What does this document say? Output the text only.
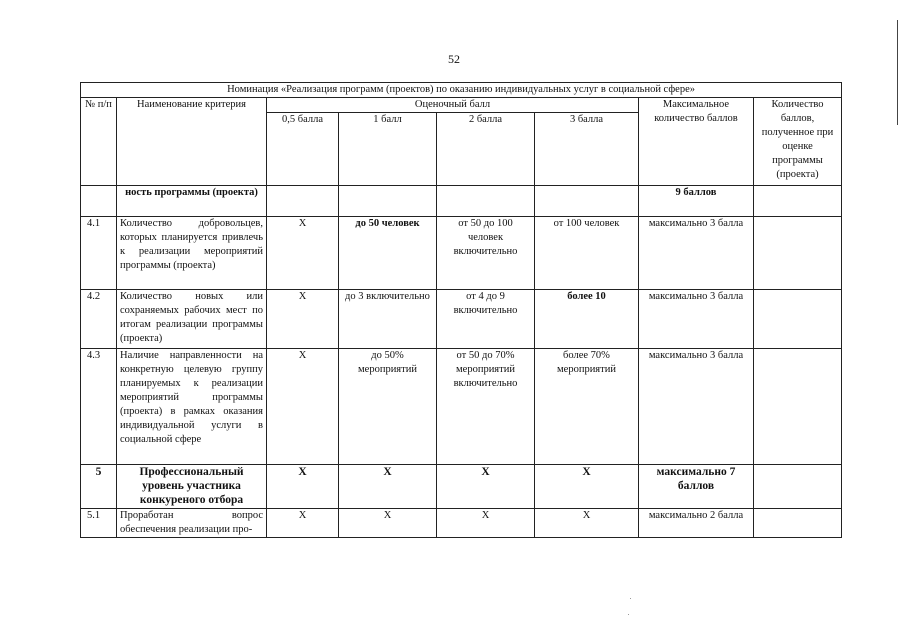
52
Номинация «Реализация программ (проектов) по оказанию индивидуальных услуг в социальной сфере»							
№ п/п	Наименование критерия	Оценочный балл				Максимальное количество баллов	Количество баллов, полученное при оценке программы (проекта)
		0,5 балла	1 балл	2 балла	3 балла		
	ность программы (проекта)					9 баллов	
4.1	Количество добровольцев, которых планируется привлечь к реализации мероприятий программы (проекта)	Х	до 50 человек	от 50 до 100 человек включительно	от 100 человек	максимально 3 балла	
4.2	Количество новых или сохраняемых рабочих мест по итогам реализации программы (проекта)	Х	до 3 включительно	от 4 до 9 включительно	более 10	максимально 3 балла	
4.3	Наличие направленности на конкретную целевую группу планируемых к реализации мероприятий программы (проекта) в рамках оказания индивидуальной услуги в социальной сфере	Х	до 50% мероприятий	от 50 до 70% мероприятий включительно	более 70% мероприятий	максимально 3 балла	
5	Профессиональный уровень участника конкуреного отбора	Х	Х	Х	Х	максимально 7 баллов	
5.1	Проработан вопрос обеспечения реализации про-	Х	Х	Х	Х	максимально 2 балла	
